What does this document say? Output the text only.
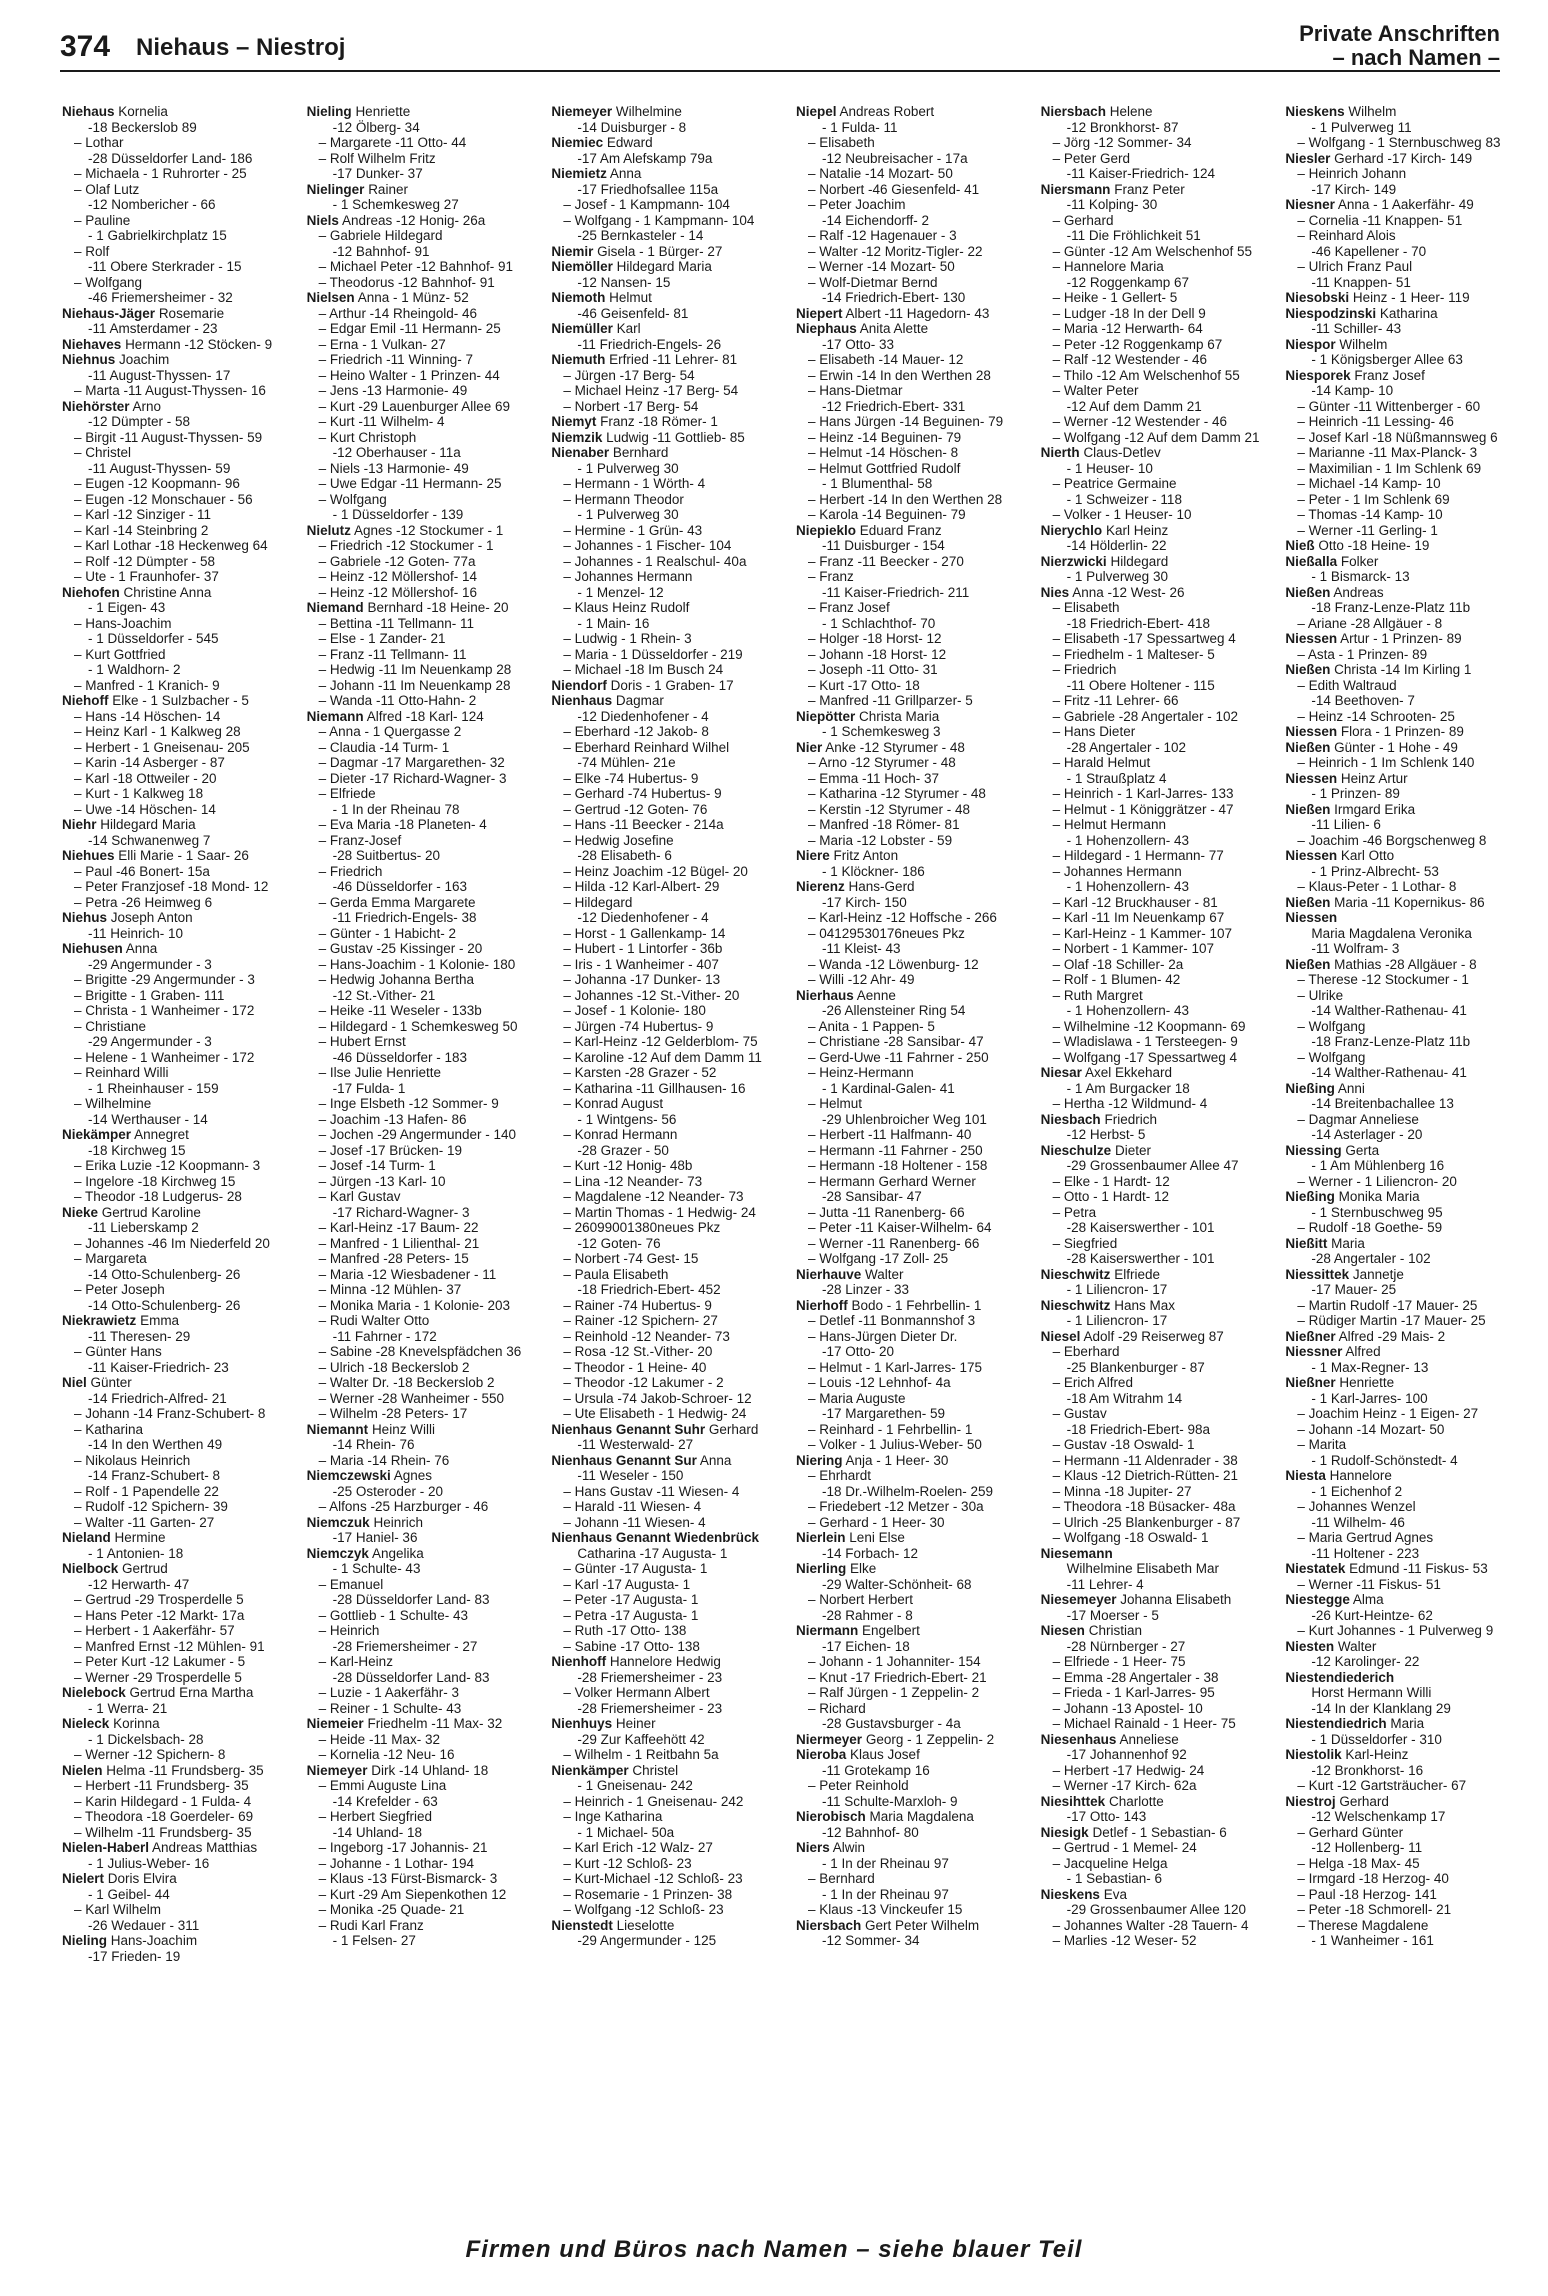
374 Niehaus – Niestroj
Private Anschriften
– nach Namen –
Niehaus Kornelia
-18 Beckerslob 89
– Lothar
-28 Düsseldorfer Land- 186
– Michaela - 1 Ruhrorter - 25
– Olaf Lutz
-12 Nombericher - 66
– Pauline
- 1 Gabrielkirchplatz 15
– Rolf
-11 Obere Sterkrader - 15
– Wolfgang
-46 Friemersheimer - 32
Niehaus-Jäger Rosemarie
-11 Amsterdamer - 23
Niehaves Hermann -12 Stöcken- 9
Niehnus Joachim
-11 August-Thyssen- 17
– Marta -11 August-Thyssen- 16
Niehörster Arno
-12 Dümpter - 58
– Birgit -11 August-Thyssen- 59
– Christel
-11 August-Thyssen- 59
– Eugen -12 Koopmann- 96
– Eugen -12 Monschauer - 56
– Karl -12 Sinziger - 11
– Karl -14 Steinbring 2
– Karl Lothar -18 Heckenweg 64
– Rolf -12 Dümpter - 58
– Ute - 1 Fraunhofer- 37
Niehofen Christine Anna
- 1 Eigen- 43
– Hans-Joachim
- 1 Düsseldorfer - 545
– Kurt Gottfried
- 1 Waldhorn- 2
– Manfred - 1 Kranich- 9
Niehoff Elke - 1 Sulzbacher - 5
– Hans -14 Höschen- 14
– Heinz Karl - 1 Kalkweg 28
– Herbert - 1 Gneisenau- 205
– Karin -14 Asberger - 87
– Karl -18 Ottweiler - 20
– Kurt - 1 Kalkweg 18
– Uwe -14 Höschen- 14
Niehr Hildegard Maria
-14 Schwanenweg 7
Niehues Elli Marie - 1 Saar- 26
– Paul -46 Bonert- 15a
– Peter Franzjosef -18 Mond- 12
– Petra -26 Heimweg 6
Niehus Joseph Anton
-11 Heinrich- 10
Niehusen Anna
-29 Angermunder - 3
– Brigitte -29 Angermunder - 3
– Brigitte - 1 Graben- 111
– Christa - 1 Wanheimer - 172
– Christiane
-29 Angermunder - 3
– Helene - 1 Wanheimer - 172
– Reinhard Willi
- 1 Rheinhauser - 159
– Wilhelmine
-14 Werthauser - 14
Niekämper Annegret
-18 Kirchweg 15
– Erika Luzie -12 Koopmann- 3
– Ingelore -18 Kirchweg 15
– Theodor -18 Ludgerus- 28
Nieke Gertrud Karoline
-11 Lieberskamp 2
– Johannes -46 Im Niederfeld 20
– Margareta
-14 Otto-Schulenberg- 26
– Peter Joseph
-14 Otto-Schulenberg- 26
Niekrawietz Emma
-11 Theresen- 29
– Günter Hans
-11 Kaiser-Friedrich- 23
Niel Günter
-14 Friedrich-Alfred- 21
– Johann -14 Franz-Schubert- 8
– Katharina
-14 In den Werthen 49
– Nikolaus Heinrich
-14 Franz-Schubert- 8
– Rolf - 1 Papendelle 22
– Rudolf -12 Spichern- 39
– Walter -11 Garten- 27
Nieland Hermine
- 1 Antonien- 18
Nielbock Gertrud
-12 Herwarth- 47
– Gertrud -29 Trosperdelle 5
– Hans Peter -12 Markt- 17a
– Herbert - 1 Aakerfähr- 57
– Manfred Ernst -12 Mühlen- 91
– Peter Kurt -12 Lakumer - 5
– Werner -29 Trosperdelle 5
Nielebock Gertrud Erna Martha
- 1 Werra- 21
Nieleck Korinna
- 1 Dickelsbach- 28
– Werner -12 Spichern- 8
Nielen Helma -11 Frundsberg- 35
– Herbert -11 Frundsberg- 35
– Karin Hildegard - 1 Fulda- 4
– Theodora -18 Goerdeler- 69
– Wilhelm -11 Frundsberg- 35
Nielen-Haberl Andreas Matthias
- 1 Julius-Weber- 16
Nielert Doris Elvira
- 1 Geibel- 44
– Karl Wilhelm
-26 Wedauer - 311
Nieling Hans-Joachim
-17 Frieden- 19
Nieling Henriette
-12 Ölberg- 34
– Margarete -11 Otto- 44
– Rolf Wilhelm Fritz
-17 Dunker- 37
Nielinger Rainer
- 1 Schemkesweg 27
Niels Andreas -12 Honig- 26a
– Gabriele Hildegard
-12 Bahnhof- 91
– Michael Peter -12 Bahnhof- 91
– Theodorus -12 Bahnhof- 91
Nielsen Anna - 1 Münz- 52
– Arthur -14 Rheingold- 46
– Edgar Emil -11 Hermann- 25
– Erna - 1 Vulkan- 27
– Friedrich -11 Winning- 7
– Heino Walter - 1 Prinzen- 44
– Jens -13 Harmonie- 49
– Kurt -29 Lauenburger Allee 69
– Kurt -11 Wilhelm- 4
– Kurt Christoph
-12 Oberhauser - 11a
– Niels -13 Harmonie- 49
– Uwe Edgar -11 Hermann- 25
– Wolfgang
- 1 Düsseldorfer - 139
Nielutz Agnes -12 Stockumer - 1
– Friedrich -12 Stockumer - 1
– Gabriele -12 Goten- 77a
– Heinz -12 Möllershof- 14
– Heinz -12 Möllershof- 16
Niemand Bernhard -18 Heine- 20
– Bettina -11 Tellmann- 11
– Else - 1 Zander- 21
– Franz -11 Tellmann- 11
– Hedwig -11 Im Neuenkamp 28
– Johann -11 Im Neuenkamp 28
– Wanda -11 Otto-Hahn- 2
Niemann Alfred -18 Karl- 124
– Anna - 1 Quergasse 2
– Claudia -14 Turm- 1
– Dagmar -17 Margarethen- 32
– Dieter -17 Richard-Wagner- 3
– Elfriede
- 1 In der Rheinau 78
– Eva Maria -18 Planeten- 4
– Franz-Josef
-28 Suitbertus- 20
– Friedrich
-46 Düsseldorfer - 163
– Gerda Emma Margarete
-11 Friedrich-Engels- 38
– Günter - 1 Habicht- 2
– Gustav -25 Kissinger - 20
– Hans-Joachim - 1 Kolonie- 180
– Hedwig Johanna Bertha
-12 St.-Vither- 21
– Heike -11 Weseler - 133b
– Hildegard - 1 Schemkesweg 50
– Hubert Ernst
-46 Düsseldorfer - 183
– Ilse Julie Henriette
-17 Fulda- 1
– Inge Elsbeth -12 Sommer- 9
– Joachim -13 Hafen- 86
– Jochen -29 Angermunder - 140
– Josef -17 Brücken- 19
– Josef -14 Turm- 1
– Jürgen -13 Karl- 10
– Karl Gustav
-17 Richard-Wagner- 3
– Karl-Heinz -17 Baum- 22
– Manfred - 1 Lilienthal- 21
– Manfred -28 Peters- 15
– Maria -12 Wiesbadener - 11
– Minna -12 Mühlen- 37
– Monika Maria - 1 Kolonie- 203
– Rudi Walter Otto
-11 Fahrner - 172
– Sabine -28 Knevelspfädchen 36
– Ulrich -18 Beckerslob 2
– Walter Dr. -18 Beckerslob 2
– Werner -28 Wanheimer - 550
– Wilhelm -28 Peters- 17
Niemannt Heinz Willi
-14 Rhein- 76
– Maria -14 Rhein- 76
Niemczewski Agnes
-25 Osteroder - 20
– Alfons -25 Harzburger - 46
Niemczuk Heinrich
-17 Haniel- 36
Niemczyk Angelika
- 1 Schulte- 43
– Emanuel
-28 Düsseldorfer Land- 83
– Gottlieb - 1 Schulte- 43
– Heinrich
-28 Friemersheimer - 27
– Karl-Heinz
-28 Düsseldorfer Land- 83
– Luzie - 1 Aakerfähr- 3
– Reiner - 1 Schulte- 43
Niemeier Friedhelm -11 Max- 32
– Heide -11 Max- 32
– Kornelia -12 Neu- 16
Niemeyer Dirk -14 Uhland- 18
– Emmi Auguste Lina
-14 Krefelder - 63
– Herbert Siegfried
-14 Uhland- 18
– Ingeborg -17 Johannis- 21
– Johanne - 1 Lothar- 194
– Klaus -13 Fürst-Bismarck- 3
– Kurt -29 Am Siepenkothen 12
– Monika -25 Quade- 21
– Rudi Karl Franz
- 1 Felsen- 27
Niemeyer Wilhelmine
-14 Duisburger - 8
Niemiec Edward
-17 Am Alefskamp 79a
Niemietz Anna
-17 Friedhofsallee 115a
– Josef - 1 Kampmann- 104
– Wolfgang - 1 Kampmann- 104
-25 Bernkasteler - 14
Niemir Gisela - 1 Bürger- 27
Niemöller Hildegard Maria
-12 Nansen- 15
Niemoth Helmut
-46 Geisenfeld- 81
Niemüller Karl
-11 Friedrich-Engels- 26
Niemuth Erfried -11 Lehrer- 81
– Jürgen -17 Berg- 54
– Michael Heinz -17 Berg- 54
– Norbert -17 Berg- 54
Niemyt Franz -18 Römer- 1
Niemzik Ludwig -11 Gottlieb- 85
Nienaber Bernhard
- 1 Pulverweg 30
– Hermann - 1 Wörth- 4
– Hermann Theodor
- 1 Pulverweg 30
– Hermine - 1 Grün- 43
– Johannes - 1 Fischer- 104
– Johannes - 1 Realschul- 40a
– Johannes Hermann
- 1 Menzel- 12
– Klaus Heinz Rudolf
- 1 Main- 16
– Ludwig - 1 Rhein- 3
– Maria - 1 Düsseldorfer - 219
– Michael -18 Im Busch 24
Niendorf Doris - 1 Graben- 17
Nienhaus Dagmar
-12 Diedenhofener - 4
– Eberhard -12 Jakob- 8
– Eberhard Reinhard Wilhel
-74 Mühlen- 21e
– Elke -74 Hubertus- 9
– Gerhard -74 Hubertus- 9
– Gertrud -12 Goten- 76
– Hans -11 Beecker - 214a
– Hedwig Josefine
-28 Elisabeth- 6
– Heinz Joachim -12 Bügel- 20
– Hilda -12 Karl-Albert- 29
– Hildegard
-12 Diedenhofener - 4
– Horst - 1 Gallenkamp- 14
– Hubert - 1 Lintorfer - 36b
– Iris - 1 Wanheimer - 407
– Johanna -17 Dunker- 13
– Johannes -12 St.-Vither- 20
– Josef - 1 Kolonie- 180
– Jürgen -74 Hubertus- 9
– Karl-Heinz -12 Gelderblom- 75
– Karoline -12 Auf dem Damm 11
– Karsten -28 Grazer - 52
– Katharina -11 Gillhausen- 16
– Konrad August
- 1 Wintgens- 56
– Konrad Hermann
-28 Grazer - 50
– Kurt -12 Honig- 48b
– Lina -12 Neander- 73
– Magdalene -12 Neander- 73
– Martin Thomas - 1 Hedwig- 24
– 26099001380neues Pkz
-12 Goten- 76
– Norbert -74 Gest- 15
– Paula Elisabeth
-18 Friedrich-Ebert- 452
– Rainer -74 Hubertus- 9
– Rainer -12 Spichern- 27
– Reinhold -12 Neander- 73
– Rosa -12 St.-Vither- 20
– Theodor - 1 Heine- 40
– Theodor -12 Lakumer - 2
– Ursula -74 Jakob-Schroer- 12
– Ute Elisabeth - 1 Hedwig- 24
Nienhaus Genannt Suhr Gerhard
-11 Westerwald- 27
Nienhaus Genannt Sur Anna
-11 Weseler - 150
– Hans Gustav -11 Wiesen- 4
– Harald -11 Wiesen- 4
– Johann -11 Wiesen- 4
Nienhaus Genannt Wiedenbrück
Catharina -17 Augusta- 1
– Günter -17 Augusta- 1
– Karl -17 Augusta- 1
– Peter -17 Augusta- 1
– Petra -17 Augusta- 1
– Ruth -17 Otto- 138
– Sabine -17 Otto- 138
Nienhoff Hannelore Hedwig
-28 Friemersheimer - 23
– Volker Hermann Albert
-28 Friemersheimer - 23
Nienhuys Heiner
-29 Zur Kaffeehött 42
– Wilhelm - 1 Reitbahn 5a
Nienkämper Christel
- 1 Gneisenau- 242
– Heinrich - 1 Gneisenau- 242
– Inge Katharina
- 1 Michael- 50a
– Karl Erich -12 Walz- 27
– Kurt -12 Schloß- 23
– Kurt-Michael -12 Schloß- 23
– Rosemarie - 1 Prinzen- 38
– Wolfgang -12 Schloß- 23
Nienstedt Lieselotte
-29 Angermunder - 125
Niepel Andreas Robert
- 1 Fulda- 11
– Elisabeth
-12 Neubreisacher - 17a
– Natalie -14 Mozart- 50
– Norbert -46 Giesenfeld- 41
– Peter Joachim
-14 Eichendorff- 2
– Ralf -12 Hagenauer - 3
– Walter -12 Moritz-Tigler- 22
– Werner -14 Mozart- 50
– Wolf-Dietmar Bernd
-14 Friedrich-Ebert- 130
Niepert Albert -11 Hagedorn- 43
Niephaus Anita Alette
-17 Otto- 33
– Elisabeth -14 Mauer- 12
– Erwin -14 In den Werthen 28
– Hans-Dietmar
-12 Friedrich-Ebert- 331
– Hans Jürgen -14 Beguinen- 79
– Heinz -14 Beguinen- 79
– Helmut -14 Höschen- 8
– Helmut Gottfried Rudolf
- 1 Blumenthal- 58
– Herbert -14 In den Werthen 28
– Karola -14 Beguinen- 79
Niepieklo Eduard Franz
-11 Duisburger - 154
– Franz -11 Beecker - 270
– Franz
-11 Kaiser-Friedrich- 211
– Franz Josef
- 1 Schlachthof- 70
– Holger -18 Horst- 12
– Johann -18 Horst- 12
– Joseph -11 Otto- 31
– Kurt -17 Otto- 18
– Manfred -11 Grillparzer- 5
Niepötter Christa Maria
- 1 Schemkesweg 3
Nier Anke -12 Styrumer - 48
– Arno -12 Styrumer - 48
– Emma -11 Hoch- 37
– Katharina -12 Styrumer - 48
– Kerstin -12 Styrumer - 48
– Manfred -18 Römer- 81
– Maria -12 Lobster - 59
Niere Fritz Anton
- 1 Klöckner- 186
Nierenz Hans-Gerd
-17 Kirch- 150
– Karl-Heinz -12 Hoffsche - 266
– 04129530176neues Pkz
-11 Kleist- 43
– Wanda -12 Löwenburg- 12
– Willi -12 Ahr- 49
Nierhaus Aenne
-26 Allensteiner Ring 54
– Anita - 1 Pappen- 5
– Christiane -28 Sansibar- 47
– Gerd-Uwe -11 Fahrner - 250
– Heinz-Hermann
- 1 Kardinal-Galen- 41
– Helmut
-29 Uhlenbroicher Weg 101
– Herbert -11 Halfmann- 40
– Hermann -11 Fahrner - 250
– Hermann -18 Holtener - 158
– Hermann Gerhard Werner
-28 Sansibar- 47
– Jutta -11 Ranenberg- 66
– Peter -11 Kaiser-Wilhelm- 64
– Werner -11 Ranenberg- 66
– Wolfgang -17 Zoll- 25
Nierhauve Walter
-28 Linzer - 33
Nierhoff Bodo - 1 Fehrbellin- 1
– Detlef -11 Bonmannshof 3
– Hans-Jürgen Dieter Dr.
-17 Otto- 20
– Helmut - 1 Karl-Jarres- 175
– Louis -12 Lehnhof- 4a
– Maria Auguste
-17 Margarethen- 59
– Reinhard - 1 Fehrbellin- 1
– Volker - 1 Julius-Weber- 50
Niering Anja - 1 Heer- 30
– Ehrhardt
-18 Dr.-Wilhelm-Roelen- 259
– Friedebert -12 Metzer - 30a
– Gerhard - 1 Heer- 30
Nierlein Leni Else
-14 Forbach- 12
Nierling Elke
-29 Walter-Schönheit- 68
– Norbert Herbert
-28 Rahmer - 8
Niermann Engelbert
-17 Eichen- 18
– Johann - 1 Johanniter- 154
– Knut -17 Friedrich-Ebert- 21
– Ralf Jürgen - 1 Zeppelin- 2
– Richard
-28 Gustavsburger - 4a
Niermeyer Georg - 1 Zeppelin- 2
Nieroba Klaus Josef
-11 Grotekamp 16
– Peter Reinhold
-11 Schulte-Marxloh- 9
Nierobisch Maria Magdalena
-12 Bahnhof- 80
Niers Alwin
- 1 In der Rheinau 97
– Bernhard
- 1 In der Rheinau 97
– Klaus -13 Vinckeufer 15
Niersbach Gert Peter Wilhelm
-12 Sommer- 34
Niersbach Helene
-12 Bronkhorst- 87
– Jörg -12 Sommer- 34
– Peter Gerd
-11 Kaiser-Friedrich- 124
Niersmann Franz Peter
-11 Kolping- 30
– Gerhard
-11 Die Fröhlichkeit 51
– Günter -12 Am Welschenhof 55
– Hannelore Maria
-12 Roggenkamp 67
– Heike - 1 Gellert- 5
– Ludger -18 In der Dell 9
– Maria -12 Herwarth- 64
– Peter -12 Roggenkamp 67
– Ralf -12 Westender - 46
– Thilo -12 Am Welschenhof 55
– Walter Peter
-12 Auf dem Damm 21
– Werner -12 Westender - 46
– Wolfgang -12 Auf dem Damm 21
Nierth Claus-Detlev
- 1 Heuser- 10
– Peatrice Germaine
- 1 Schweizer - 118
– Volker - 1 Heuser- 10
Nierychlo Karl Heinz
-14 Hölderlin- 22
Nierzwicki Hildegard
- 1 Pulverweg 30
Nies Anna -12 West- 26
– Elisabeth
-18 Friedrich-Ebert- 418
– Elisabeth -17 Spessartweg 4
– Friedhelm - 1 Malteser- 5
– Friedrich
-11 Obere Holtener - 115
– Fritz -11 Lehrer- 66
– Gabriele -28 Angertaler - 102
– Hans Dieter
-28 Angertaler - 102
– Harald Helmut
- 1 Straußplatz 4
– Heinrich - 1 Karl-Jarres- 133
– Helmut - 1 Königgrätzer - 47
– Helmut Hermann
- 1 Hohenzollern- 43
– Hildegard - 1 Hermann- 77
– Johannes Hermann
- 1 Hohenzollern- 43
– Karl -12 Bruckhauser - 81
– Karl -11 Im Neuenkamp 67
– Karl-Heinz - 1 Kammer- 107
– Norbert - 1 Kammer- 107
– Olaf -18 Schiller- 2a
– Rolf - 1 Blumen- 42
– Ruth Margret
- 1 Hohenzollern- 43
– Wilhelmine -12 Koopmann- 69
– Wladislawa - 1 Tersteegen- 9
– Wolfgang -17 Spessartweg 4
Niesar Axel Ekkehard
- 1 Am Burgacker 18
– Hertha -12 Wildmund- 4
Niesbach Friedrich
-12 Herbst- 5
Nieschulze Dieter
-29 Grossenbaumer Allee 47
– Elke - 1 Hardt- 12
– Otto - 1 Hardt- 12
– Petra
-28 Kaiserswerther - 101
– Siegfried
-28 Kaiserswerther - 101
Nieschwitz Elfriede
- 1 Liliencron- 17
Nieschwitz Hans Max
- 1 Liliencron- 17
Niesel Adolf -29 Reiserweg 87
– Eberhard
-25 Blankenburger - 87
– Erich Alfred
-18 Am Witrahm 14
– Gustav
-18 Friedrich-Ebert- 98a
– Gustav -18 Oswald- 1
– Hermann -11 Aldenrader - 38
– Klaus -12 Dietrich-Rütten- 21
– Minna -18 Jupiter- 27
– Theodora -18 Büsacker- 48a
– Ulrich -25 Blankenburger - 87
– Wolfgang -18 Oswald- 1
Niesemann
Wilhelmine Elisabeth Mar
-11 Lehrer- 4
Niesemeyer Johanna Elisabeth
-17 Moerser - 5
Niesen Christian
-28 Nürnberger - 27
– Elfriede - 1 Heer- 75
– Emma -28 Angertaler - 38
– Frieda - 1 Karl-Jarres- 95
– Johann -13 Apostel- 10
– Michael Rainald - 1 Heer- 75
Niesenhaus Anneliese
-17 Johannenhof 92
– Herbert -17 Hedwig- 24
– Werner -17 Kirch- 62a
Niesihttek Charlotte
-17 Otto- 143
Niesigk Detlef - 1 Sebastian- 6
– Gertrud - 1 Memel- 24
– Jacqueline Helga
- 1 Sebastian- 6
Nieskens Eva
-29 Grossenbaumer Allee 120
– Johannes Walter -28 Tauern- 4
– Marlies -12 Weser- 52
Nieskens Wilhelm
- 1 Pulverweg 11
– Wolfgang - 1 Sternbuschweg 83
Niesler Gerhard -17 Kirch- 149
– Heinrich Johann
-17 Kirch- 149
Niesner Anna - 1 Aakerfähr- 49
– Cornelia -11 Knappen- 51
– Reinhard Alois
-46 Kapellener - 70
– Ulrich Franz Paul
-11 Knappen- 51
Niesobski Heinz - 1 Heer- 119
Niespodzinski Katharina
-11 Schiller- 43
Niespor Wilhelm
- 1 Königsberger Allee 63
Niesporek Franz Josef
-14 Kamp- 10
– Günter -11 Wittenberger - 60
– Heinrich -11 Lessing- 46
– Josef Karl -18 Nüßmannsweg 6
– Marianne -11 Max-Planck- 3
– Maximilian - 1 Im Schlenk 69
– Michael -14 Kamp- 10
– Peter - 1 Im Schlenk 69
– Thomas -14 Kamp- 10
– Werner -11 Gerling- 1
Nieß Otto -18 Heine- 19
Nießalla Folker
- 1 Bismarck- 13
Nießen Andreas
-18 Franz-Lenze-Platz 11b
– Ariane -28 Allgäuer - 8
Niessen Artur - 1 Prinzen- 89
– Asta - 1 Prinzen- 89
Nießen Christa -14 Im Kirling 1
– Edith Waltraud
-14 Beethoven- 7
– Heinz -14 Schrooten- 25
Niessen Flora - 1 Prinzen- 89
Nießen Günter - 1 Hohe - 49
– Heinrich - 1 Im Schlenk 140
Niessen Heinz Artur
- 1 Prinzen- 89
Nießen Irmgard Erika
-11 Lilien- 6
– Joachim -46 Borgschenweg 8
Niessen Karl Otto
- 1 Prinz-Albrecht- 53
– Klaus-Peter - 1 Lothar- 8
Nießen Maria -11 Kopernikus- 86
Niessen
Maria Magdalena Veronika
-11 Wolfram- 3
Nießen Mathias -28 Allgäuer - 8
– Therese -12 Stockumer - 1
– Ulrike
-14 Walther-Rathenau- 41
– Wolfgang
-18 Franz-Lenze-Platz 11b
– Wolfgang
-14 Walther-Rathenau- 41
Nießing Anni
-14 Breitenbachallee 13
– Dagmar Anneliese
-14 Asterlager - 20
Niessing Gerta
- 1 Am Mühlenberg 16
– Werner - 1 Liliencron- 20
Nießing Monika Maria
- 1 Sternbuschweg 95
– Rudolf -18 Goethe- 59
Nießitt Maria
-28 Angertaler - 102
Niessittek Jannetje
-17 Mauer- 25
– Martin Rudolf -17 Mauer- 25
– Rüdiger Martin -17 Mauer- 25
Nießner Alfred -29 Mais- 2
Niessner Alfred
- 1 Max-Regner- 13
Nießner Henriette
- 1 Karl-Jarres- 100
– Joachim Heinz - 1 Eigen- 27
– Johann -14 Mozart- 50
– Marita
- 1 Rudolf-Schönstedt- 4
Niesta Hannelore
- 1 Eichenhof 2
– Johannes Wenzel
-11 Wilhelm- 46
– Maria Gertrud Agnes
-11 Holtener - 223
Niestatek Edmund -11 Fiskus- 53
– Werner -11 Fiskus- 51
Niestegge Alma
-26 Kurt-Heintze- 62
– Kurt Johannes - 1 Pulverweg 9
Niesten Walter
-12 Karolinger- 22
Niestendiederich
Horst Hermann Willi
-14 In der Klanklang 29
Niestendiedrich Maria
- 1 Düsseldorfer - 310
Niestolik Karl-Heinz
-12 Bronkhorst- 16
– Kurt -12 Gartsträucher- 67
Niestroj Gerhard
-12 Welschenkamp 17
– Gerhard Günter
-12 Hollenberg- 11
– Helga -18 Max- 45
– Irmgard -18 Herzog- 40
– Paul -18 Herzog- 141
– Peter -18 Schmorell- 21
– Therese Magdalene
- 1 Wanheimer - 161
Firmen und Büros nach Namen – siehe blauer Teil
